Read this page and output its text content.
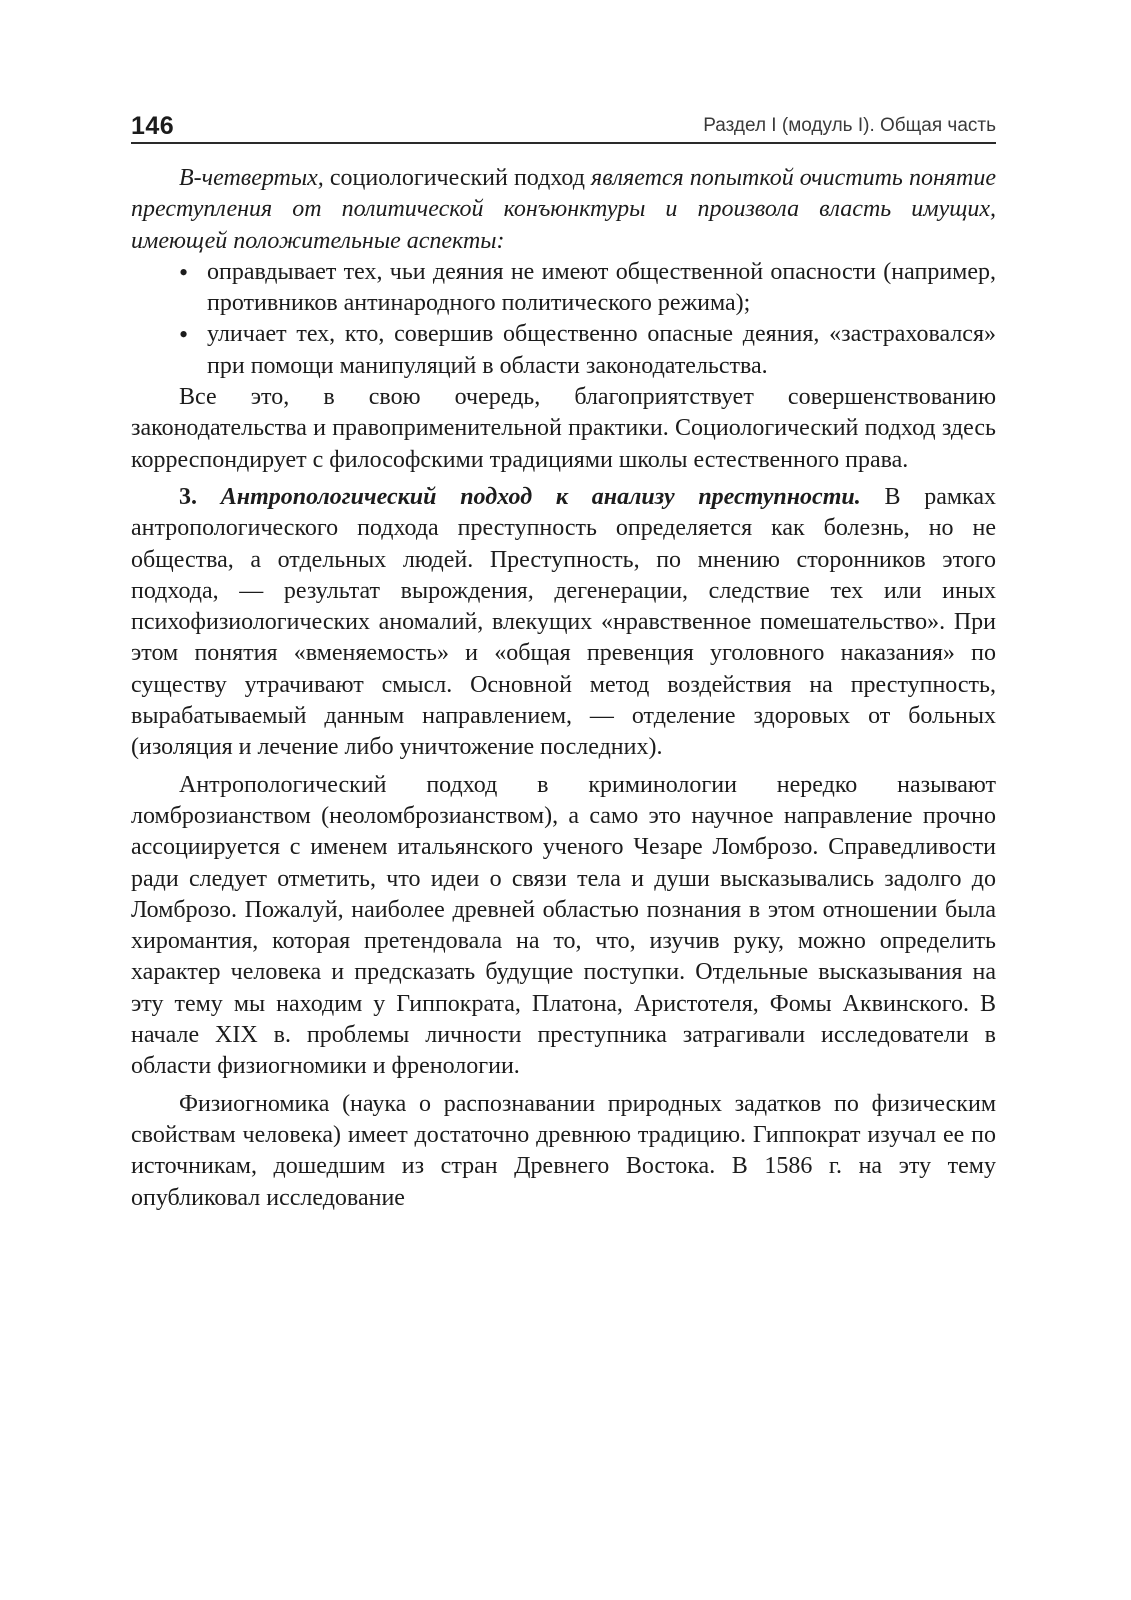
146	Раздел I (модуль I). Общая часть

В-четвертых, социологический подход является попыткой очистить понятие преступления от политической конъюнктуры и произвола власть имущих, имеющей положительные аспекты:

• оправдывает тех, чьи деяния не имеют общественной опасности (например, противников антинародного политического режима);
• уличает тех, кто, совершив общественно опасные деяния, «застраховался» при помощи манипуляций в области законодательства.

Все это, в свою очередь, благоприятствует совершенствованию законодательства и правоприменительной практики. Социологический подход здесь корреспондирует с философскими традициями школы естественного права.

3. Антропологический подход к анализу преступности. В рамках антропологического подхода преступность определяется как болезнь, но не общества, а отдельных людей. Преступность, по мнению сторонников этого подхода, — результат вырождения, дегенерации, следствие тех или иных психофизиологических аномалий, влекущих «нравственное помешательство». При этом понятия «вменяемость» и «общая превенция уголовного наказания» по существу утрачивают смысл. Основной метод воздействия на преступность, вырабатываемый данным направлением, — отделение здоровых от больных (изоляция и лечение либо уничтожение последних).

Антропологический подход в криминологии нередко называют ломброзианством (неоломброзианством), а само это научное направление прочно ассоциируется с именем итальянского ученого Чезаре Ломброзо. Справедливости ради следует отметить, что идеи о связи тела и души высказывались задолго до Ломброзо. Пожалуй, наиболее древней областью познания в этом отношении была хиромантия, которая претендовала на то, что, изучив руку, можно определить характер человека и предсказать будущие поступки. Отдельные высказывания на эту тему мы находим у Гиппократа, Платона, Аристотеля, Фомы Аквинского. В начале XIX в. проблемы личности преступника затрагивали исследователи в области физиогномики и френологии.

Физиогномика (наука о распознавании природных задатков по физическим свойствам человека) имеет достаточно древнюю традицию. Гиппократ изучал ее по источникам, дошедшим из стран Древнего Востока. В 1586 г. на эту тему опубликовал исследование
